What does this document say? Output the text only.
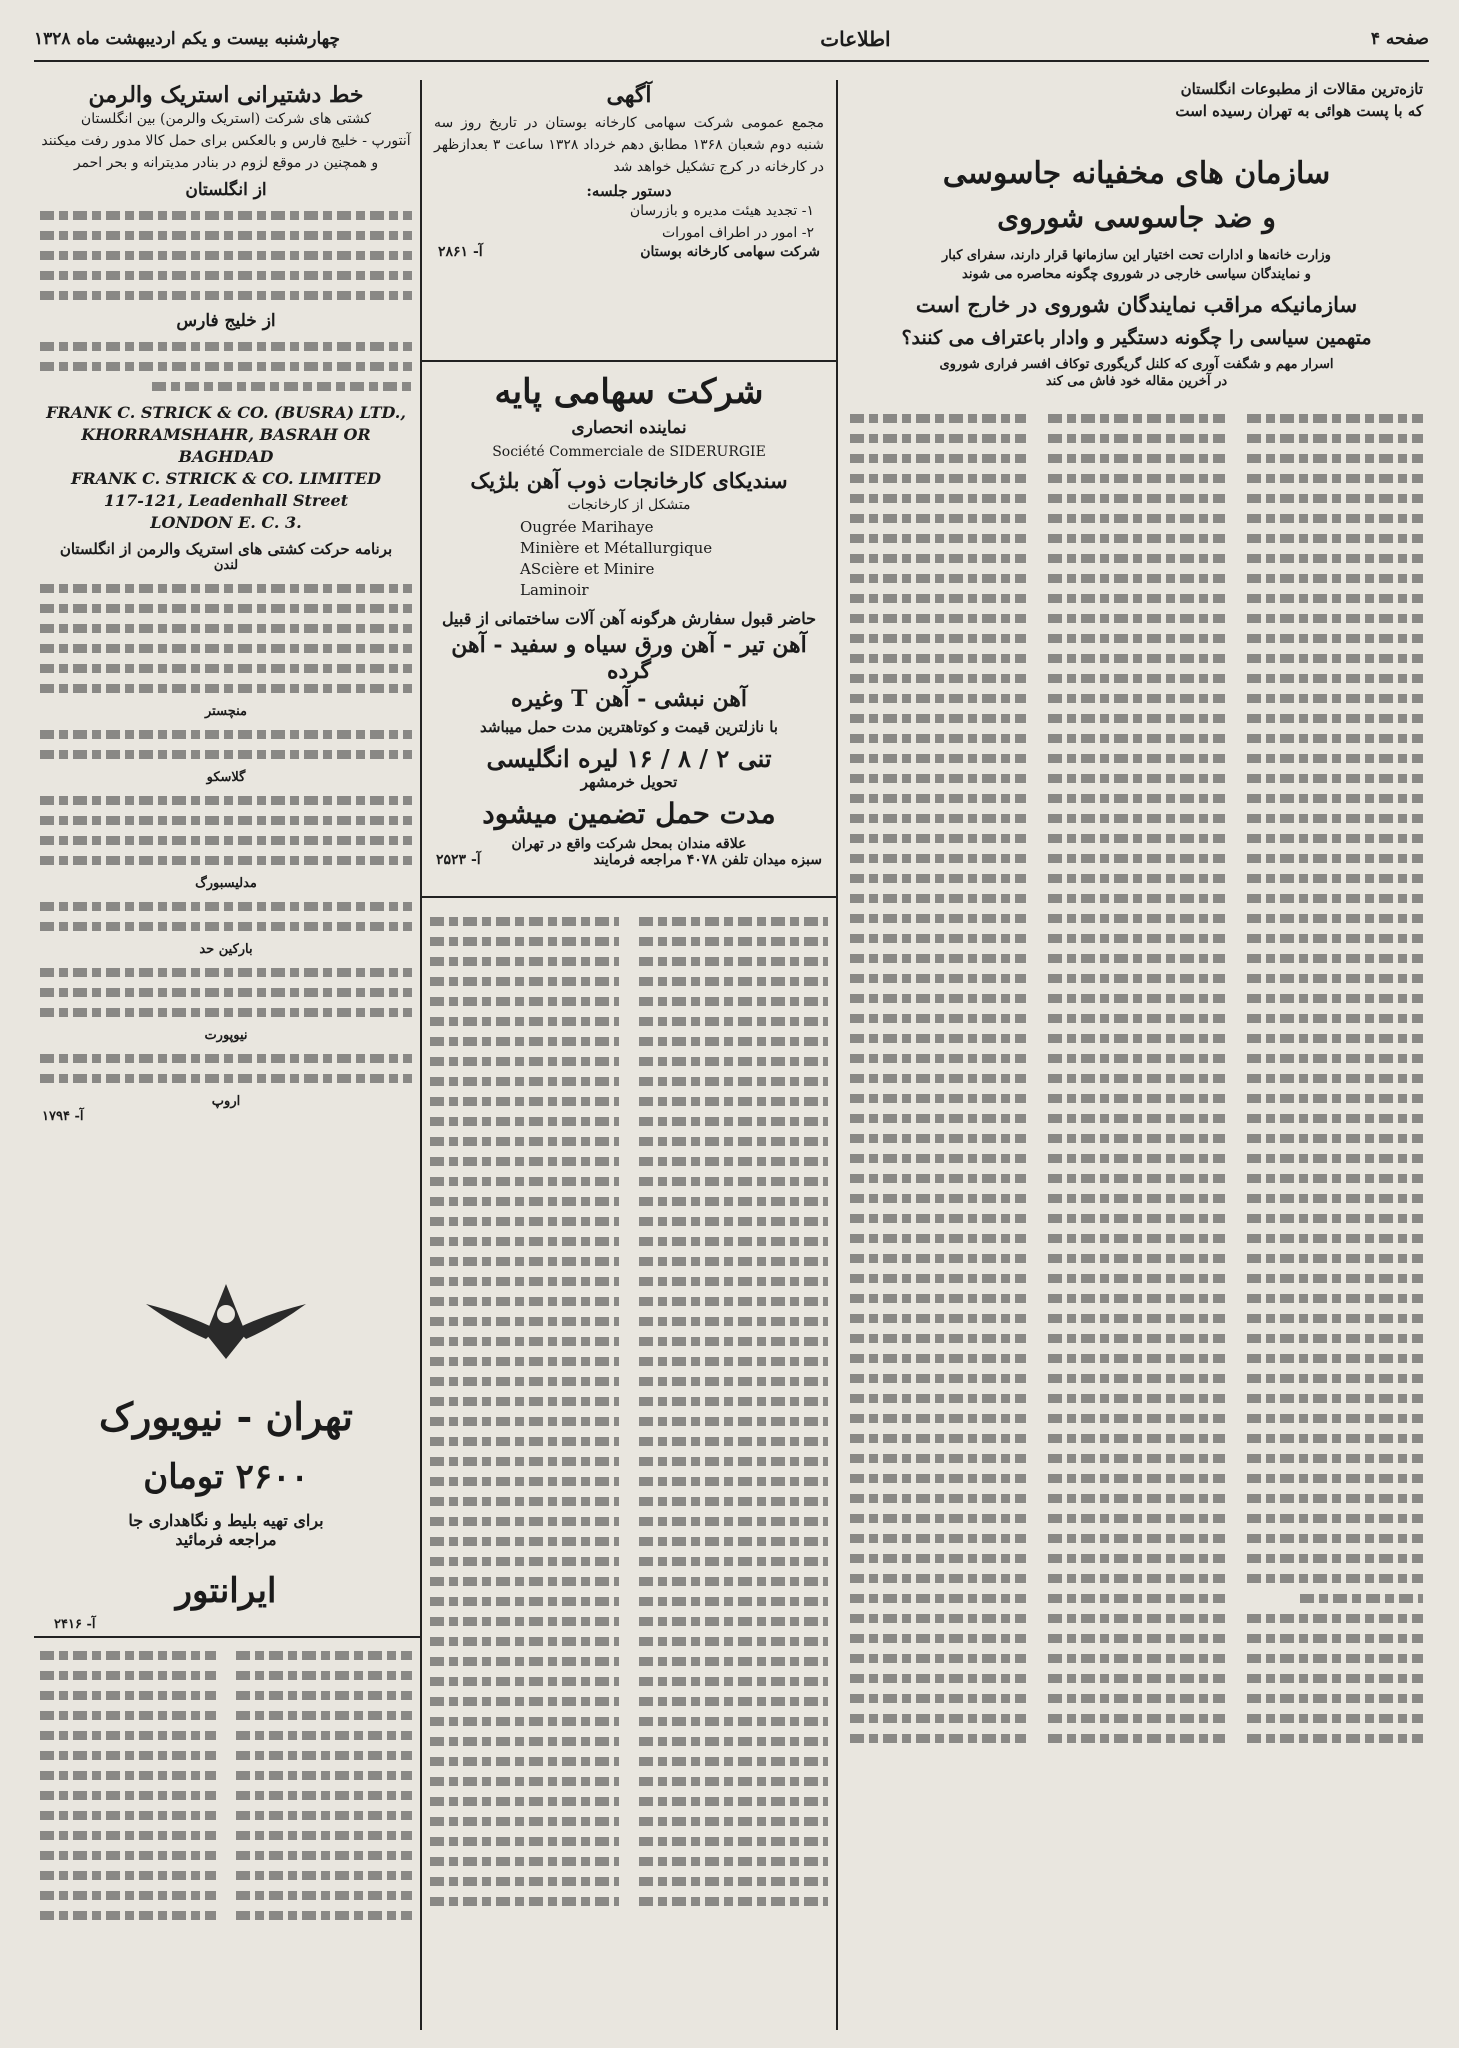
صفحه ۴
اطلاعات
چهارشنبه بیست و یکم اردیبهشت ماه ۱۳۲۸
تازه‌ترین مقالات از مطبوعات انگلستان
که با پست هوائی به تهران رسیده است
سازمان های مخفیانه جاسوسی
و ضد جاسوسی شوروی
وزارت خانه‌ها و ادارات تحت اختیار این سازمانها قرار دارند، سفرای کبار
و نمایندگان سیاسی خارجی در شوروی چگونه محاصره می شوند
سازمانیکه مراقب نمایندگان شوروی در خارج است
متهمین سیاسی را چگونه دستگیر و وادار باعتراف می کنند؟
اسرار مهم و شگفت آوری که کلنل گریگوری توکاف افسر فراری شوروی
در آخرین مقاله خود فاش می کند
آگهی
مجمع عمومی شرکت سهامی کارخانه بوستان در تاریخ روز سه شنبه دوم شعبان ۱۳۶۸ مطابق دهم خرداد ۱۳۲۸ ساعت ۳ بعدازظهر در کارخانه در کرج تشکیل خواهد شد
دستور جلسه:
۱- تجدید هیئت مدیره و بازرسان
۲- امور در اطراف امورات
شرکت سهامی کارخانه بوستان
آ- ۲۸۶۱
شرکت سهامی پایه
نماینده انحصاری
Société Commerciale de SIDERURGIE
سندیکای کارخانجات ذوب آهن بلژیک
متشکل از کارخانجات
Ougrée Marihaye
Minière et Métallurgique
AScière et Minire
Laminoir
حاضر قبول سفارش هرگونه آهن آلات ساختمانی از قبیل
آهن تیر - آهن ورق سیاه و سفید - آهن گرده
آهن نبشی - آهن T وغیره
با نازلترین قیمت و کوتاهترین مدت حمل میباشد
تنی ۲ / ۸ / ۱۶ لیره انگلیسی
تحویل خرمشهر
مدت حمل تضمین میشود
علاقه مندان بمحل شرکت واقع در تهران
سبزه میدان تلفن ۴۰۷۸ مراجعه فرمایند
آ- ۲۵۲۳
خط دشتیرانی استریک والرمن
کشتی های شرکت (استریک والرمن) بین انگلستان
آنتورپ - خلیج فارس و بالعکس برای حمل کالا مدور رفت میکنند
و همچنین در موقع لزوم در بنادر مدیترانه و بحر احمر
از انگلستان
از خلیج فارس
FRANK C. STRICK & CO. (BUSRA) LTD.,
KHORRAMSHAHR, BASRAH OR BAGHDAD
FRANK C. STRICK & CO. LIMITED
117-121, Leadenhall Street
LONDON E. C. 3.
برنامه حرکت کشتی های استریک والرمن از انگلستان
لندن
منچستر
گلاسکو
مدلیسبورگ
بارکین حد
نیوپورت
اروپ
آ- ۱۷۹۴
تهران - نیویورک
۲۶۰۰ تومان
برای تهیه بلیط و نگاهداری جا
مراجعه فرمائید
ایرانتور
آ- ۲۴۱۶
